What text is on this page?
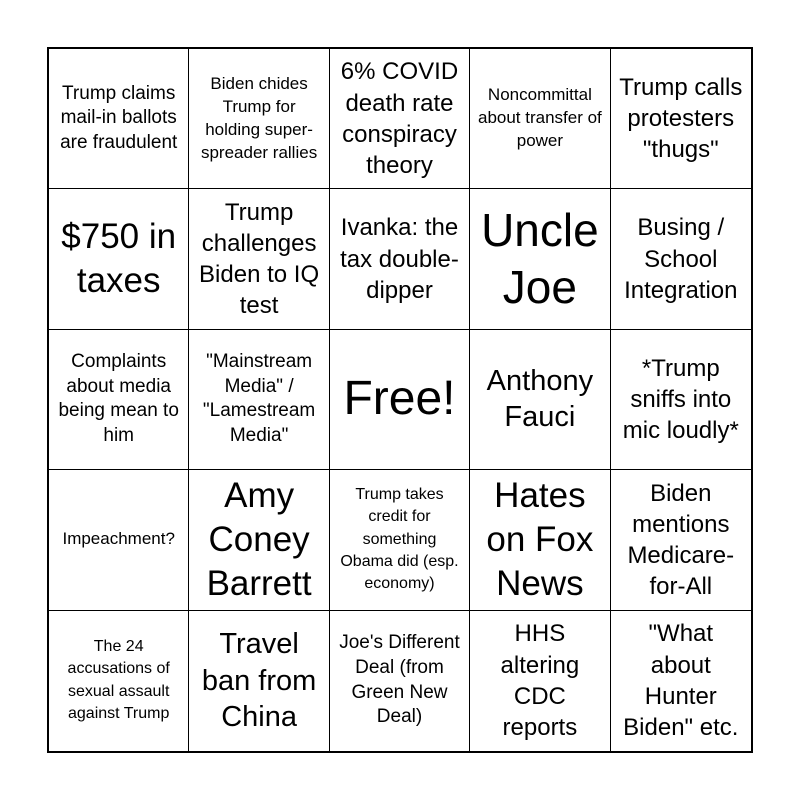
Trump claims mail-in ballots are fraudulent
Biden chides Trump for holding super-spreader rallies
6% COVID death rate conspiracy theory
Noncommittal about transfer of power
Trump calls protesters "thugs"
$750 in taxes
Trump challenges Biden to IQ test
Ivanka: the tax double-dipper
Uncle Joe
Busing / School Integration
Complaints about media being mean to him
"Mainstream Media" / "Lamestream Media"
Free!	Anthony Fauci
*Trump sniffs into mic loudly*
Impeachment?
Amy Coney Barrett
Trump takes credit for something Obama did (esp. economy)
Hates on Fox News
Biden mentions Medicare-for-All
The 24 accusations of sexual assault against Trump
Travel ban from China
Joe's Different Deal (from Green New Deal)
HHS altering CDC reports
"What about Hunter Biden" etc.
